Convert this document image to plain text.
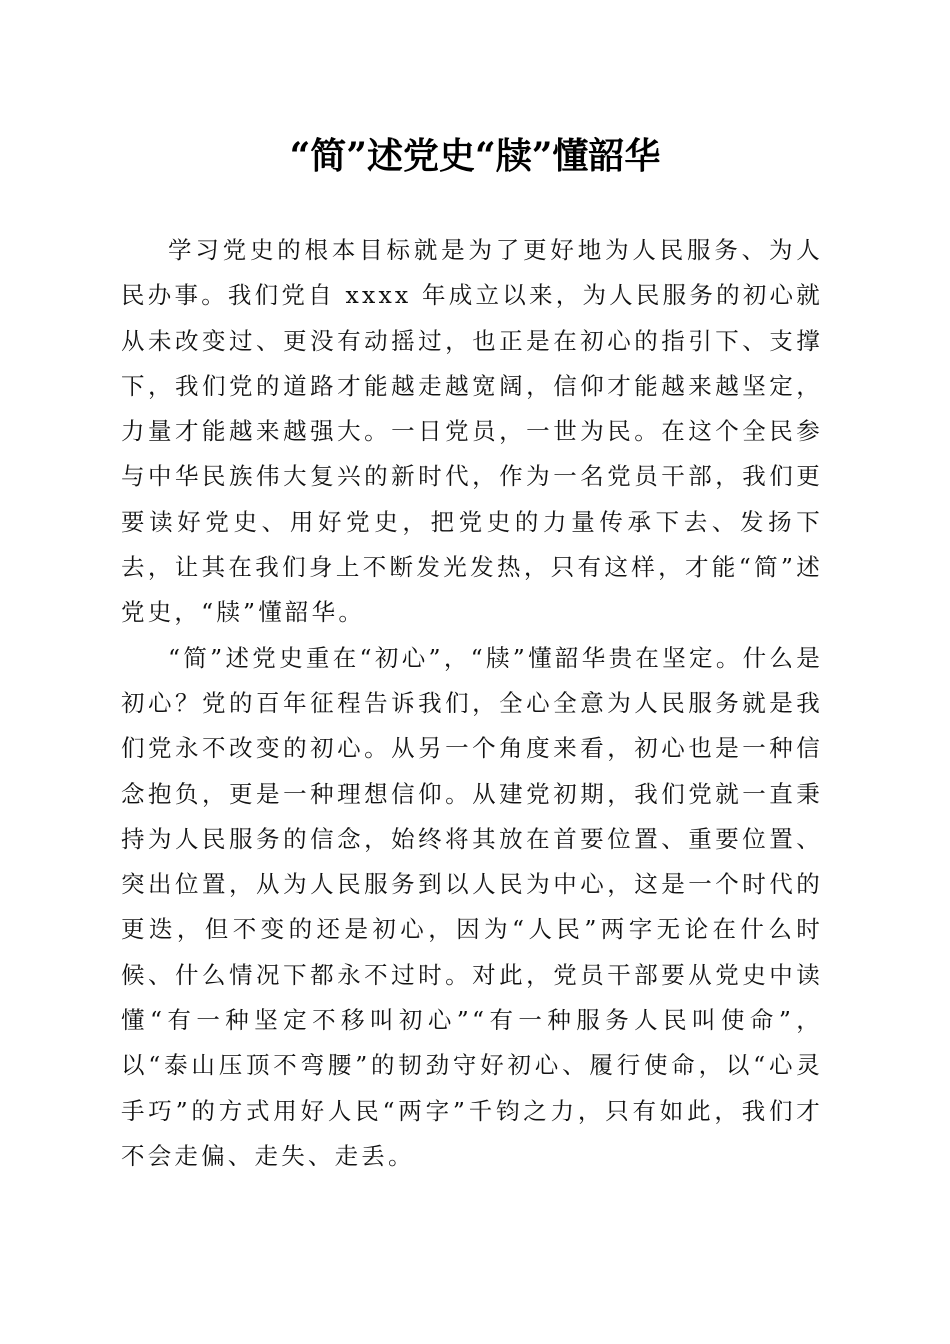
“简”述党史“牍”懂韶华

学习党史的根本目标就是为了更好地为人民服务、为人民办事。我们党自 xxxx 年成立以来，为人民服务的初心就从未改变过、更没有动摇过，也正是在初心的指引下、支撑下，我们党的道路才能越走越宽阔，信仰才能越来越坚定，力量才能越来越强大。一日党员，一世为民。在这个全民参与中华民族伟大复兴的新时代，作为一名党员干部，我们更要读好党史、用好党史，把党史的力量传承下去、发扬下去，让其在我们身上不断发光发热，只有这样，才能“简”述党史，“牍”懂韶华。

“简”述党史重在“初心”，“牍”懂韶华贵在坚定。什么是初心？党的百年征程告诉我们，全心全意为人民服务就是我们党永不改变的初心。从另一个角度来看，初心也是一种信念抱负，更是一种理想信仰。从建党初期，我们党就一直秉持为人民服务的信念，始终将其放在首要位置、重要位置、突出位置，从为人民服务到以人民为中心，这是一个时代的更迭，但不变的还是初心，因为“人民”两字无论在什么时候、什么情况下都永不过时。对此，党员干部要从党史中读懂“有一种坚定不移叫初心”“有一种服务人民叫使命”，以“泰山压顶不弯腰”的韧劲守好初心、履行使命，以“心灵手巧”的方式用好人民“两字”千钧之力，只有如此，我们才不会走偏、走失、走丢。
